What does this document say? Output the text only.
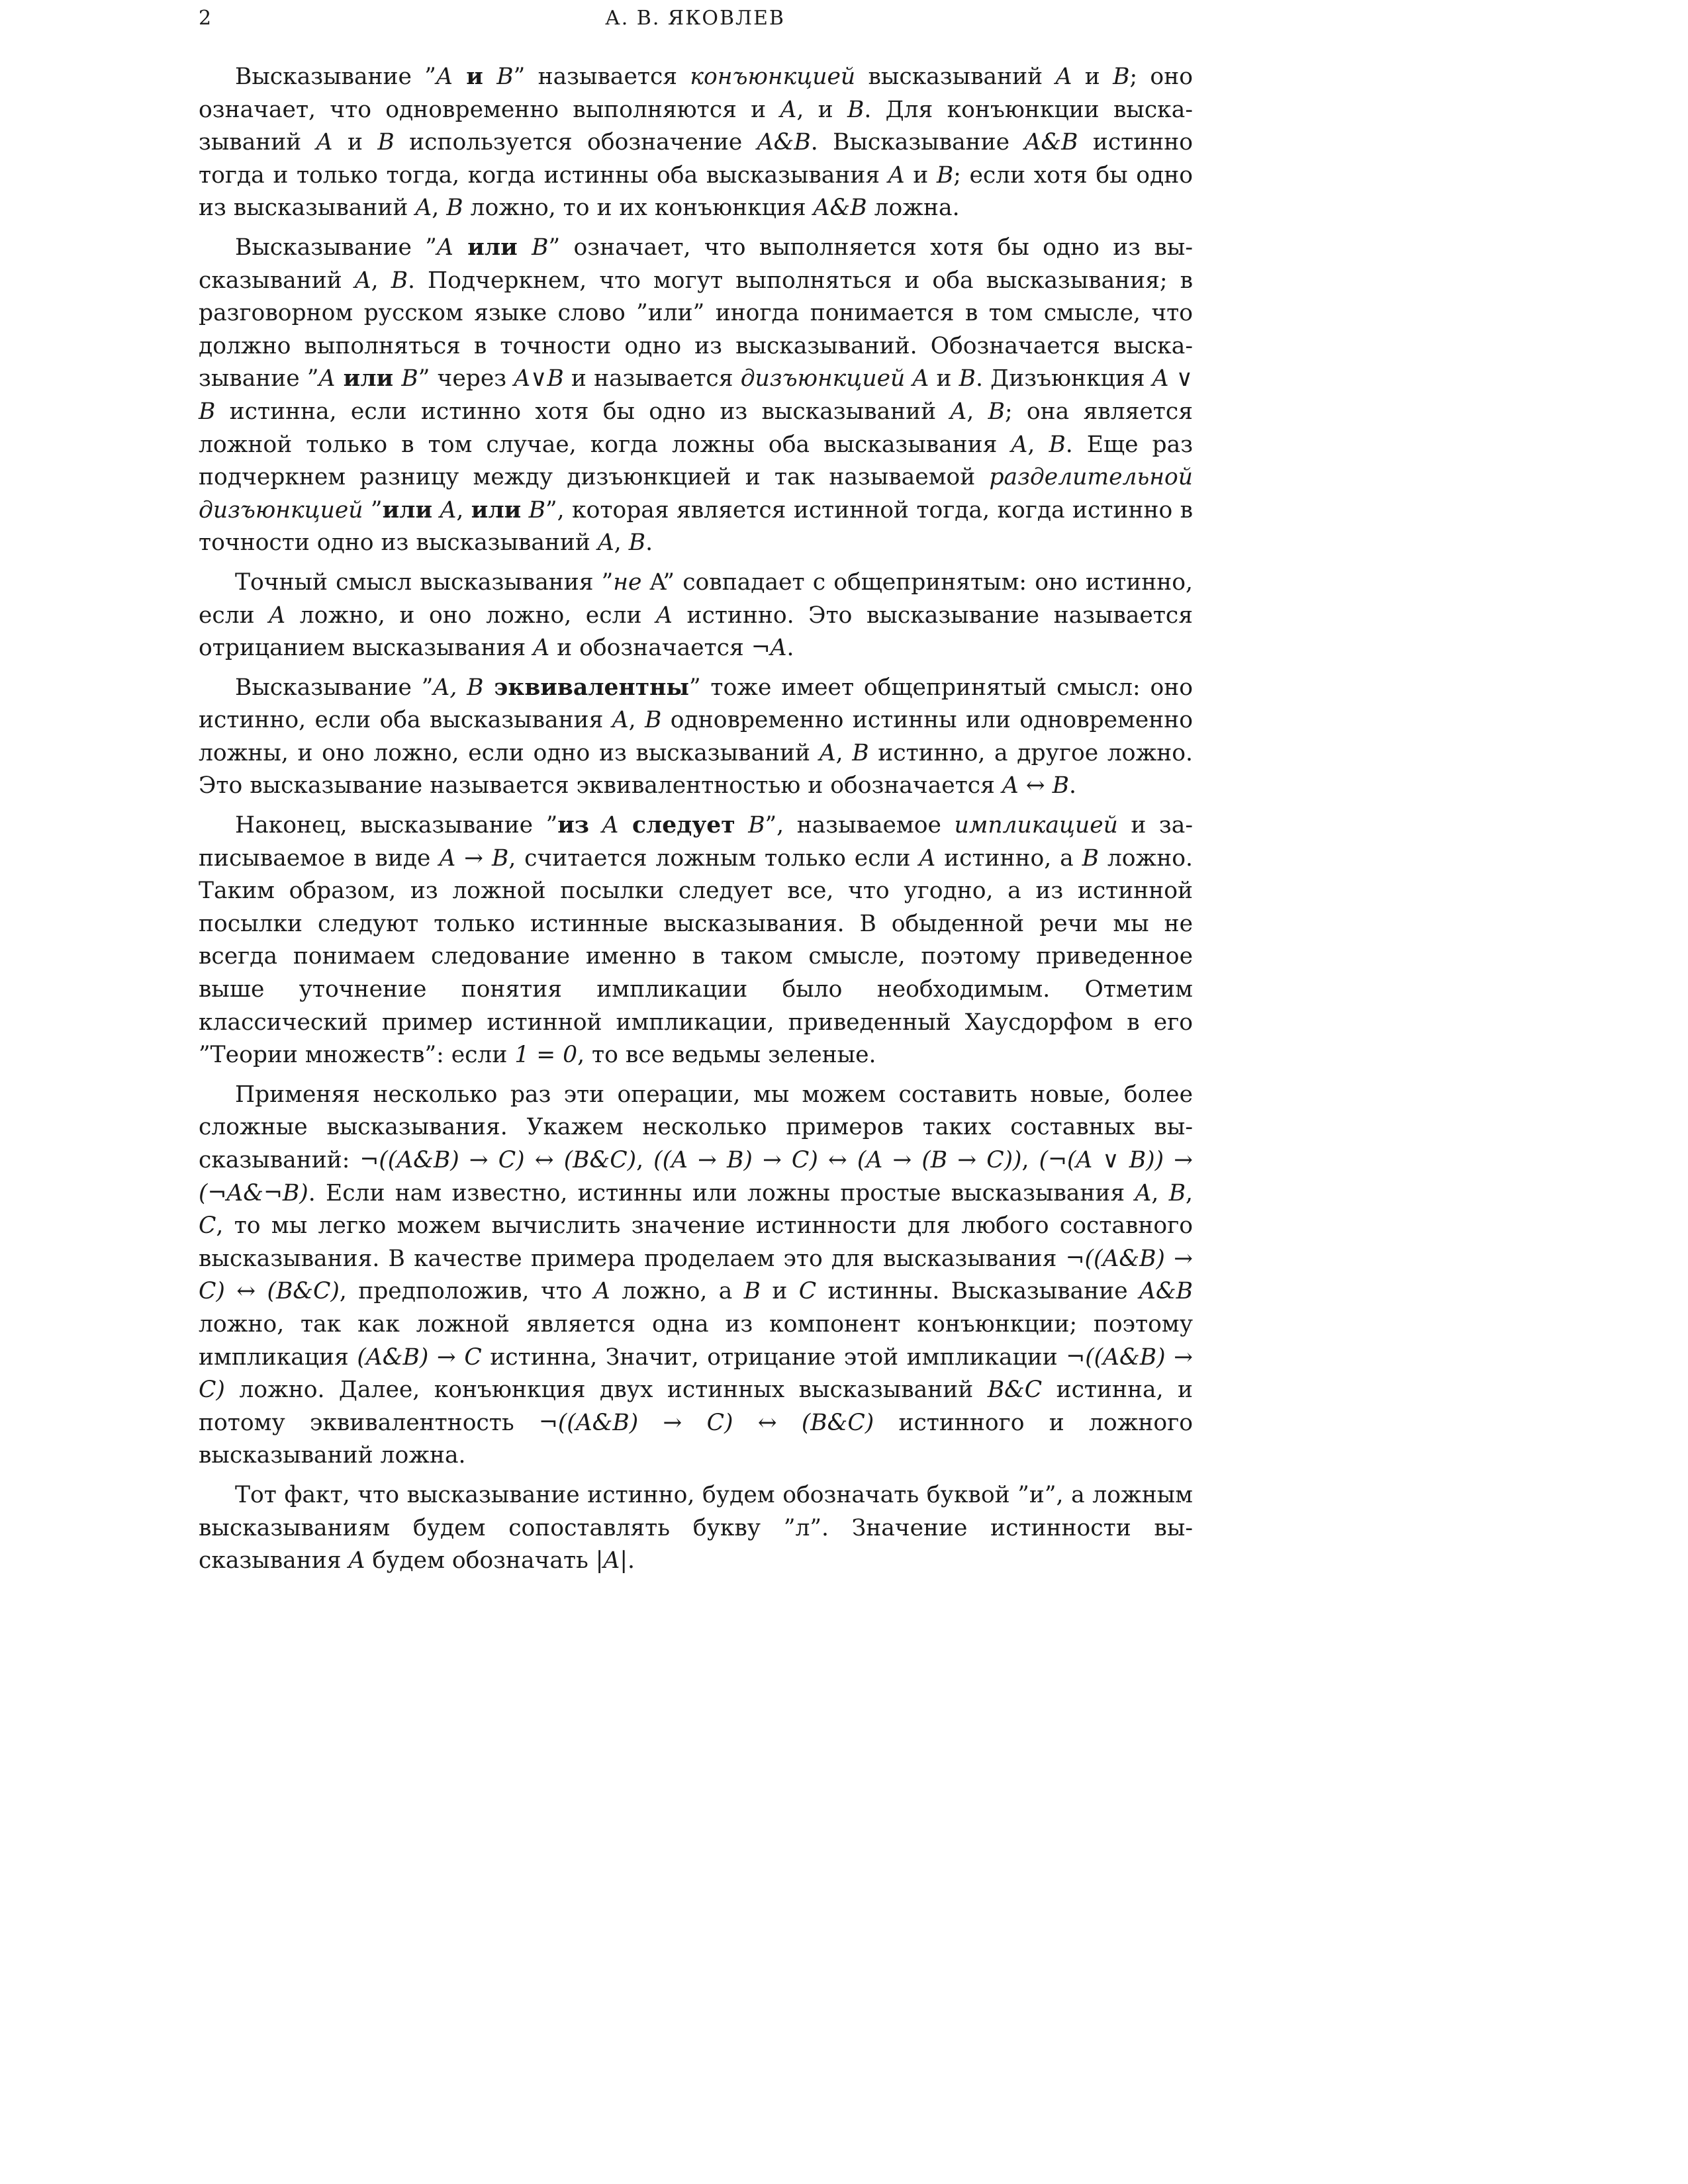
2	А. В. ЯКОВЛЕВ

Высказывание ”A и B” называется конъюнкцией высказываний A и B; оно означает, что одновременно выполняются и A, и B. Для конъюнкции высказываний A и B используется обозначение A&B. Высказывание A&B истинно тогда и только тогда, когда истинны оба высказывания A и B; если хотя бы одно из высказываний A, B ложно, то и их конъюнкция A&B ложна.

Высказывание ”A или B” означает, что выполняется хотя бы одно из высказываний A, B. Подчеркнем, что могут выполняться и оба высказывания; в разговорном русском языке слово ”или” иногда понимается в том смысле, что должно выполняться в точности одно из высказываний. Обозначается высказывание ”A или B” через A∨B и называется дизъюнкцией A и B. Дизъюнкция A ∨ B истинна, если истинно хотя бы одно из высказываний A, B; она является ложной только в том случае, когда ложны оба высказывания A, B. Еще раз подчеркнем разницу между дизъюнкцией и так называемой разделительной дизъюнкцией ”или A, или B”, которая является истинной тогда, когда истинно в точности одно из высказываний A, B.

Точный смысл высказывания ”не A” совпадает с общепринятым: оно истинно, если A ложно, и оно ложно, если A истинно. Это высказывание называется отрицанием высказывания A и обозначается ¬A.

Высказывание ”A, B эквивалентны” тоже имеет общепринятый смысл: оно истинно, если оба высказывания A, B одновременно истинны или одновременно ложны, и оно ложно, если одно из высказываний A, B истинно, а другое ложно. Это высказывание называется эквивалентностью и обозначается A ↔ B.

Наконец, высказывание ”из A следует B”, называемое импликацией и записываемое в виде A → B, считается ложным только если A истинно, а B ложно. Таким образом, из ложной посылки следует все, что угодно, а из истинной посылки следуют только истинные высказывания. В обыденной речи мы не всегда понимаем следование именно в таком смысле, поэтому приведенное выше уточнение понятия импликации было необходимым. Отметим классический пример истинной импликации, приведенный Хаусдорфом в его ”Теории множеств”: если 1 = 0, то все ведьмы зеленые.

Применяя несколько раз эти операции, мы можем составить новые, более сложные высказывания. Укажем несколько примеров таких составных высказываний: ¬((A&B) → C) ↔ (B&C), ((A → B) → C) ↔ (A → (B → C)), (¬(A ∨ B)) → (¬A&¬B). Если нам известно, истинны или ложны простые высказывания A, B, C, то мы легко можем вычислить значение истинности для любого составного высказывания. В качестве примера проделаем это для высказывания ¬((A&B) → C) ↔ (B&C), предположив, что A ложно, а B и C истинны. Высказывание A&B ложно, так как ложной является одна из компонент конъюнкции; поэтому импликация (A&B) → C истинна, Значит, отрицание этой импликации ¬((A&B) → C) ложно. Далее, конъюнкция двух истинных высказываний B&C истинна, и потому эквивалентность ¬((A&B) → C) ↔ (B&C) истинного и ложного высказываний ложна.

Тот факт, что высказывание истинно, будем обозначать буквой ”и”, а ложным высказываниям будем сопоставлять букву ”л”. Значение истинности высказывания A будем обозначать |A|.
